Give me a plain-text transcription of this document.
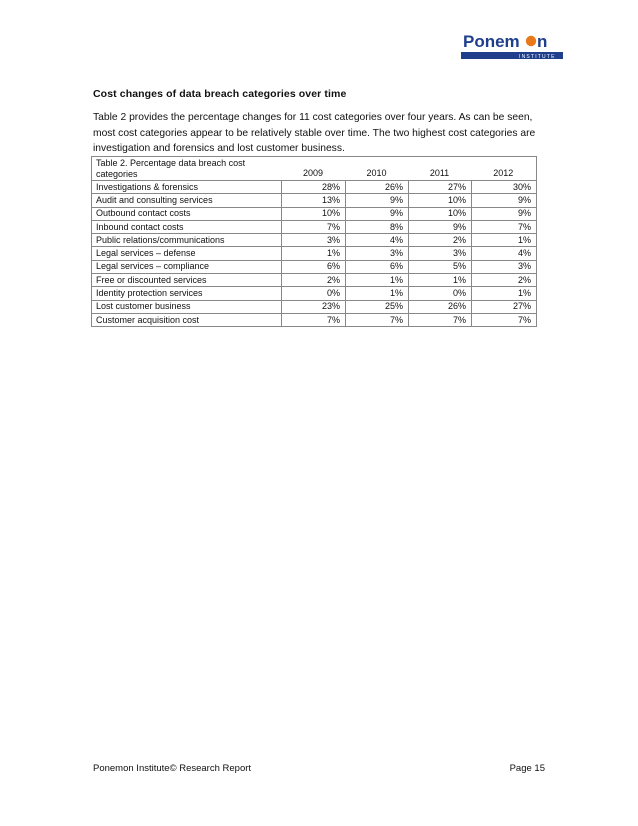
Ponem n
INSTITUTE
Cost changes of data breach categories over time
Table 2 provides the percentage changes for 11 cost categories over four years. As can be seen, most cost categories appear to be relatively stable over time. The two highest cost categories are investigation and forensics and lost customer business.
Table 2. Percentage data breach cost categories	2009	2010	2011	2012
Investigations & forensics	28%	26%	27%	30%
Audit and consulting services	13%	9%	10%	9%
Outbound contact costs	10%	9%	10%	9%
Inbound contact costs	7%	8%	9%	7%
Public relations/communications	3%	4%	2%	1%
Legal services – defense	1%	3%	3%	4%
Legal services – compliance	6%	6%	5%	3%
Free or discounted services	2%	1%	1%	2%
Identity protection services	0%	1%	0%	1%
Lost customer business	23%	25%	26%	27%
Customer acquisition cost	7%	7%	7%	7%
Ponemon Institute© Research Report	Page 15
